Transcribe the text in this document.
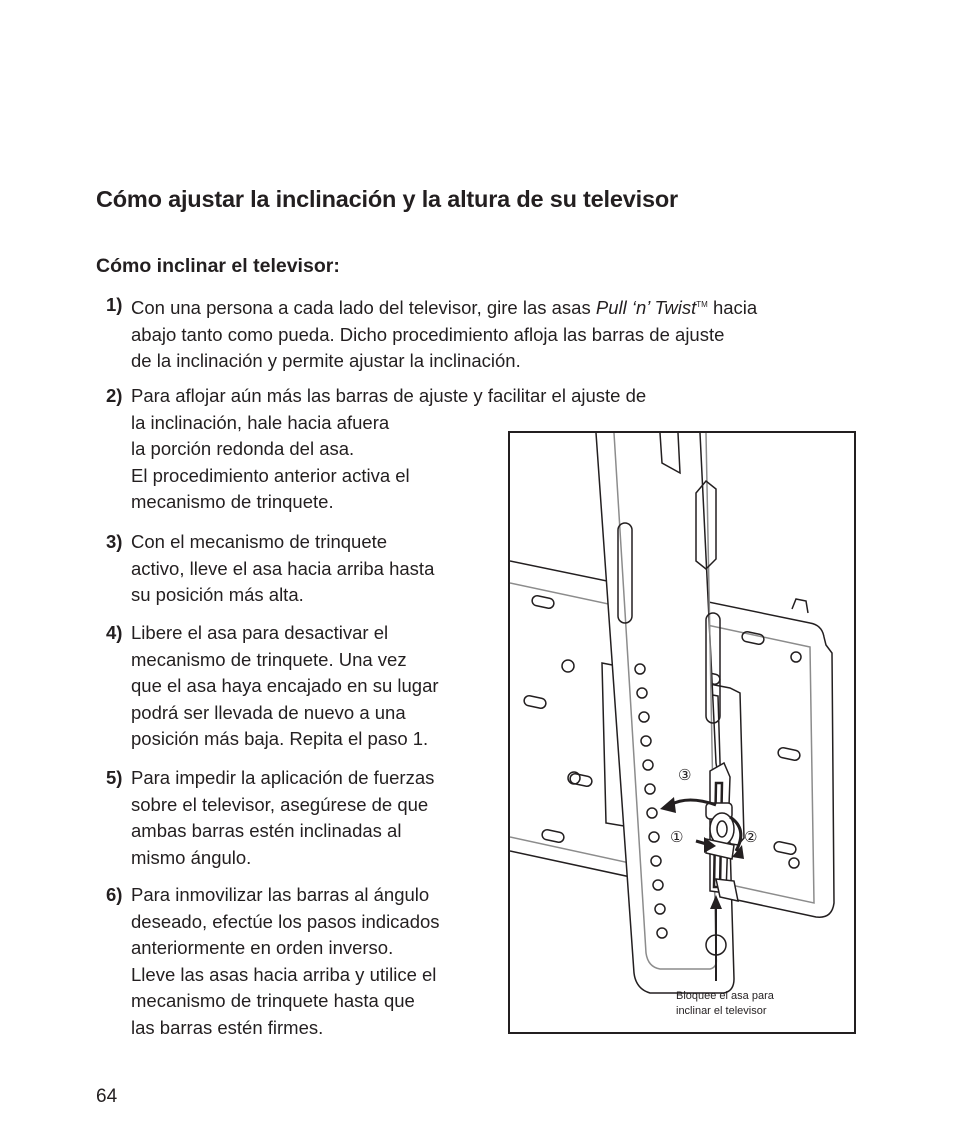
Cómo ajustar la inclinación y la altura de su televisor
Cómo inclinar el televisor:
1) Con una persona a cada lado del televisor, gire las asas Pull ‘n’ Twist™ hacia
abajo tanto como pueda. Dicho procedimiento afloja las barras de ajuste
de la inclinación y permite ajustar la inclinación.
2) Para aflojar aún más las barras de ajuste y facilitar el ajuste de
la inclinación, hale hacia afuera
la porción redonda del asa.
El procedimiento anterior activa el
mecanismo de trinquete.
3) Con el mecanismo de trinquete
activo, lleve el asa hacia arriba hasta
su posición más alta.
4) Libere el asa para desactivar el
mecanismo de trinquete. Una vez
que el asa haya encajado en su lugar
podrá ser llevada de nuevo a una
posición más baja. Repita el paso 1.
5) Para impedir la aplicación de fuerzas
sobre el televisor, asegúrese de que
ambas barras estén inclinadas al
mismo ángulo.
6) Para inmovilizar las barras al ángulo
deseado, efectúe los pasos indicados
anteriormente en orden inverso.
Lleve las asas hacia arriba y utilice el
mecanismo de trinquete hasta que
las barras estén firmes.
③
①	②
Bloquee el asa para
inclinar el televisor
64
